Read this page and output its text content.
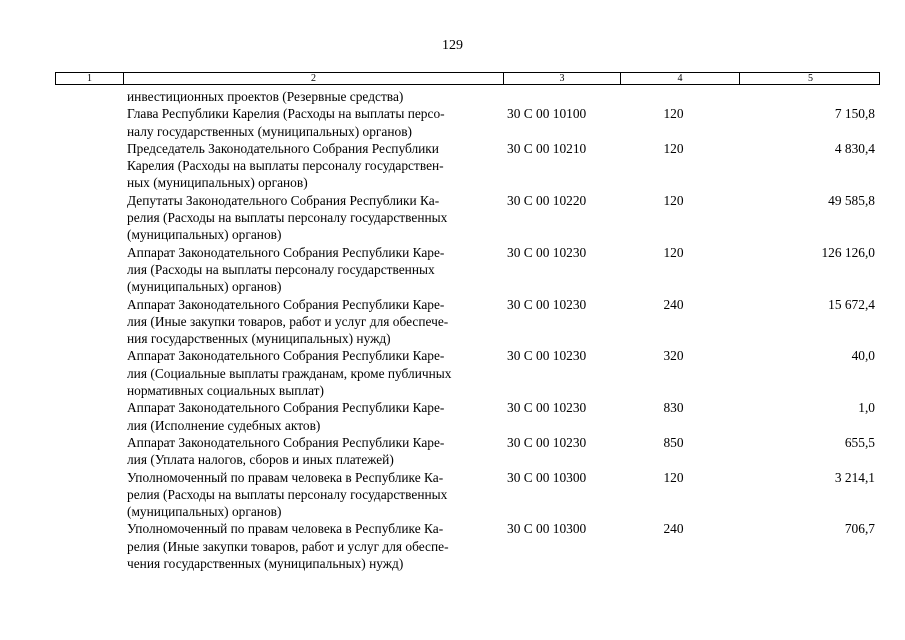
129
1	2	3	4	5
инвестиционных проектов (Резервные средства)
Глава Республики Карелия (Расходы на выплаты персо-
налу государственных (муниципальных) органов)
30 С 00 10100	120	7 150,8
Председатель Законодательного Собрания Республики
Карелия (Расходы на выплаты персоналу государствен-
ных (муниципальных) органов)
30 С 00 10210	120	4 830,4
Депутаты Законодательного Собрания Республики Ка-
релия (Расходы на выплаты персоналу государственных
(муниципальных) органов)
30 С 00 10220	120	49 585,8
Аппарат Законодательного Собрания Республики Каре-
лия (Расходы на выплаты персоналу государственных
(муниципальных) органов)
30 С 00 10230	120	126 126,0
Аппарат Законодательного Собрания Республики Каре-
лия (Иные закупки товаров, работ и услуг для обеспече-
ния государственных (муниципальных) нужд)
30 С 00 10230	240	15 672,4
Аппарат Законодательного Собрания Республики Каре-
лия (Социальные выплаты гражданам, кроме публичных
нормативных социальных выплат)
30 С 00 10230	320	40,0
Аппарат Законодательного Собрания Республики Каре-
лия (Исполнение судебных актов)
30 С 00 10230	830	1,0
Аппарат Законодательного Собрания Республики Каре-
лия (Уплата налогов, сборов и иных платежей)
30 С 00 10230	850	655,5
Уполномоченный по правам человека в Республике Ка-
релия (Расходы на выплаты персоналу государственных
(муниципальных) органов)
30 С 00 10300	120	3 214,1
Уполномоченный по правам человека в Республике Ка-
релия (Иные закупки товаров, работ и услуг для обеспе-
чения государственных (муниципальных) нужд)
30 С 00 10300	240	706,7
